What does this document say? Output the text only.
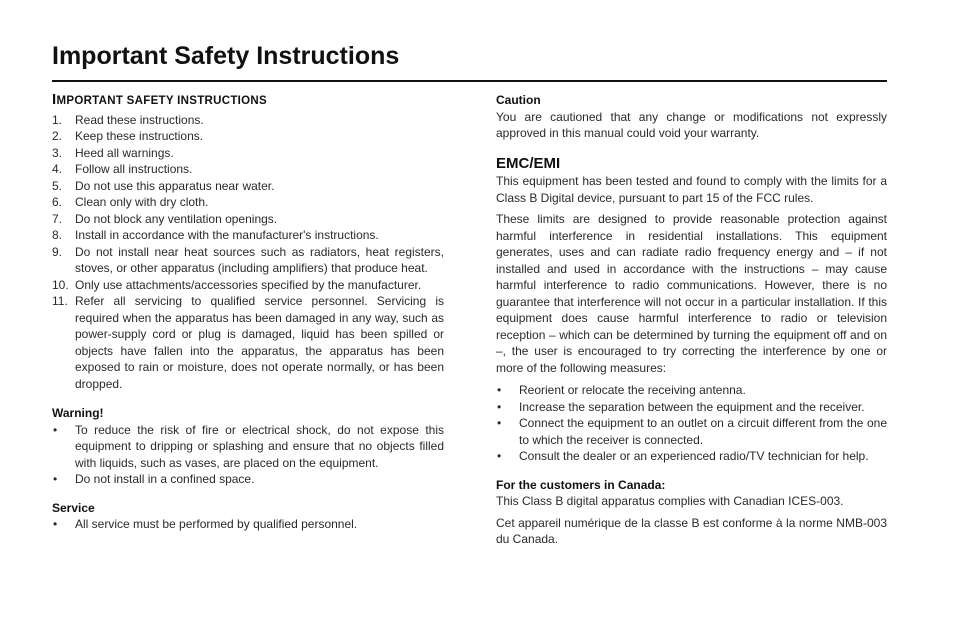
Important Safety Instructions
IMPORTANT SAFETY INSTRUCTIONS
1. Read these instructions.
2. Keep these instructions.
3. Heed all warnings.
4. Follow all instructions.
5. Do not use this apparatus near water.
6. Clean only with dry cloth.
7. Do not block any ventilation openings.
8. Install in accordance with the manufacturer's instructions.
9. Do not install near heat sources such as radiators, heat registers, stoves, or other apparatus (including amplifiers) that produce heat.
10. Only use attachments/accessories specified by the manufacturer.
11. Refer all servicing to qualified service personnel. Servicing is required when the apparatus has been damaged in any way, such as power-supply cord or plug is damaged, liquid has been spilled or objects have fallen into the apparatus, the apparatus has been exposed to rain or moisture, does not operate normally, or has been dropped.
Warning!
• To reduce the risk of fire or electrical shock, do not expose this equipment to dripping or splashing and ensure that no objects filled with liquids, such as vases, are placed on the equipment.
• Do not install in a confined space.
Service
• All service must be performed by qualified personnel.
Caution

You are cautioned that any change or modifications not expressly approved in this manual could void your warranty.

EMC/EMI

This equipment has been tested and found to comply with the limits for a Class B Digital device, pursuant to part 15 of the FCC rules.

These limits are designed to provide reasonable protection against harmful interference in residential installations. This equipment generates, uses and can radiate radio frequency energy and – if not installed and used in accordance with the instructions – may cause harmful interference to radio communications. However, there is no guarantee that interference will not occur in a particular installation. If this equipment does cause harmful interference to radio or television reception – which can be determined by turning the equipment off and on –, the user is encouraged to try correcting the interference by one or more of the following measures:

• Reorient or relocate the receiving antenna.
• Increase the separation between the equipment and the receiver.
• Connect the equipment to an outlet on a circuit different from the one to which the receiver is connected.
• Consult the dealer or an experienced radio/TV technician for help.
For the customers in Canada:

This Class B digital apparatus complies with Canadian ICES-003.

Cet appareil numérique de la classe B est conforme à la norme NMB-003 du Canada.
